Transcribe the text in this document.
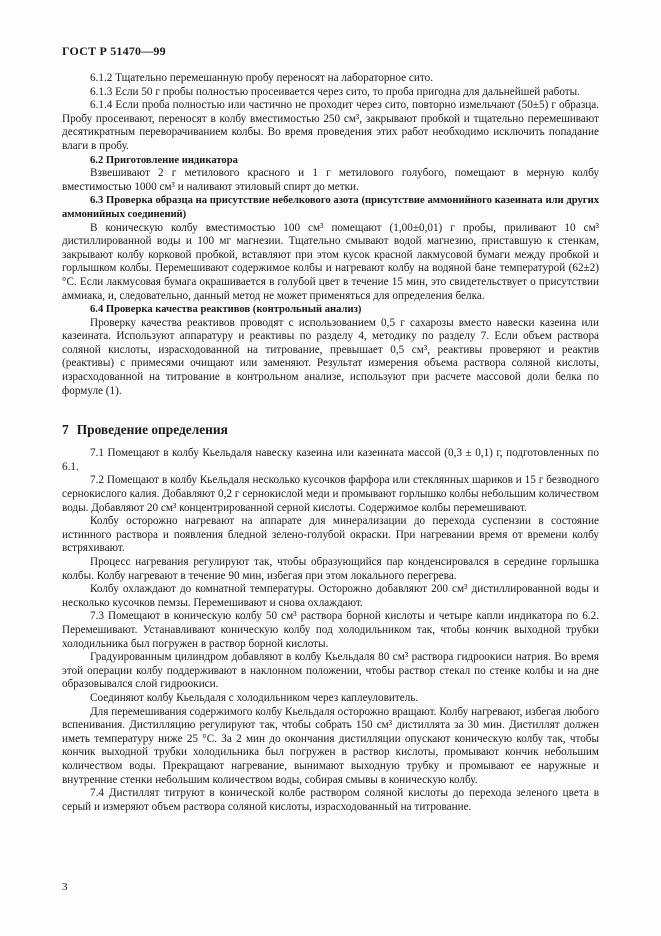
ГОСТ Р 51470—99
6.1.2 Тщательно перемешанную пробу переносят на лабораторное сито.
6.1.3 Если 50 г пробы полностью просеивается через сито, то проба пригодна для дальнейшей работы.
6.1.4 Если проба полностью или частично не проходит через сито, повторно измельчают (50±5) г образца. Пробу просеивают, переносят в колбу вместимостью 250 см³, закрывают пробкой и тщательно перемешивают десятикратным переворачиванием колбы. Во время проведения этих работ необходимо исключить попадание влаги в пробу.
6.2 Приготовление индикатора
Взвешивают 2 г метилового красного и 1 г метилового голубого, помещают в мерную колбу вместимостью 1000 см³ и наливают этиловый спирт до метки.
6.3 Проверка образца на присутствие небелкового азота (присутствие аммонийного казеината или других аммонийных соединений)
В коническую колбу вместимостью 100 см³ помещают (1,00±0,01) г пробы, приливают 10 см³ дистиллированной воды и 100 мг магнезии. Тщательно смывают водой магнезию, приставшую к стенкам, закрывают колбу корковой пробкой, вставляют при этом кусок красной лакмусовой бумаги между пробкой и горлышком колбы. Перемешивают содержимое колбы и нагревают колбу на водяной бане температурой (62±2) °С. Если лакмусовая бумага окрашивается в голубой цвет в течение 15 мин, это свидетельствует о присутствии аммиака, и, следовательно, данный метод не может применяться для определения белка.
6.4 Проверка качества реактивов (контрольный анализ)
Проверку качества реактивов проводят с использованием 0,5 г сахарозы вместо навески казеина или казеината. Используют аппаратуру и реактивы по разделу 4, методику по разделу 7. Если объем раствора соляной кислоты, израсходованной на титрование, превышает 0,5 см³, реактивы проверяют и реактив (реактивы) с примесями очищают или заменяют. Результат измерения объема раствора соляной кислоты, израсходованной на титрование в контрольном анализе, используют при расчете массовой доли белка по формуле (1).
7 Проведение определения
7.1 Помещают в колбу Кьельдаля навеску казеина или казеината массой (0,3 ± 0,1) г, подготовленных по 6.1.
7.2 Помещают в колбу Кьельдаля несколько кусочков фарфора или стеклянных шариков и 15 г безводного сернокислого калия. Добавляют 0,2 г сернокислой меди и промывают горлышко колбы небольшим количеством воды. Добавляют 20 см³ концентрированной серной кислоты. Содержимое колбы перемешивают.
Колбу осторожно нагревают на аппарате для минерализации до перехода суспензии в состояние истинного раствора и появления бледной зелено-голубой окраски. При нагревании время от времени колбу встряхивают.
Процесс нагревания регулируют так, чтобы образующийся пар конденсировался в середине горлышка колбы. Колбу нагревают в течение 90 мин, избегая при этом локального перегрева.
Колбу охлаждают до комнатной температуры. Осторожно добавляют 200 см³ дистиллированной воды и несколько кусочков пемзы. Перемешивают и снова охлаждают.
7.3 Помещают в коническую колбу 50 см³ раствора борной кислоты и четыре капли индикатора по 6.2. Перемешивают. Устанавливают коническую колбу под холодильником так, чтобы кончик выходной трубки холодильника был погружен в раствор борной кислоты.
Градуированным цилиндром добавляют в колбу Кьельдаля 80 см³ раствора гидроокиси натрия. Во время этой операции колбу поддерживают в наклонном положении, чтобы раствор стекал по стенке колбы и на дне образовывался слой гидроокиси.
Соединяют колбу Кьельдаля с холодильником через каплеуловитель.
Для перемешивания содержимого колбу Кьельдаля осторожно вращают. Колбу нагревают, избегая любого вспенивания. Дистилляцию регулируют так, чтобы собрать 150 см³ дистиллята за 30 мин. Дистиллят должен иметь температуру ниже 25 °С. За 2 мин до окончания дистилляции опускают коническую колбу так, чтобы кончик выходной трубки холодильника был погружен в раствор кислоты, промывают кончик небольшим количеством воды. Прекращают нагревание, вынимают выходную трубку и промывают ее наружные и внутренние стенки небольшим количеством воды, собирая смывы в коническую колбу.
7.4 Дистиллят титруют в конической колбе раствором соляной кислоты до перехода зеленого цвета в серый и измеряют объем раствора соляной кислоты, израсходованный на титрование.
3
